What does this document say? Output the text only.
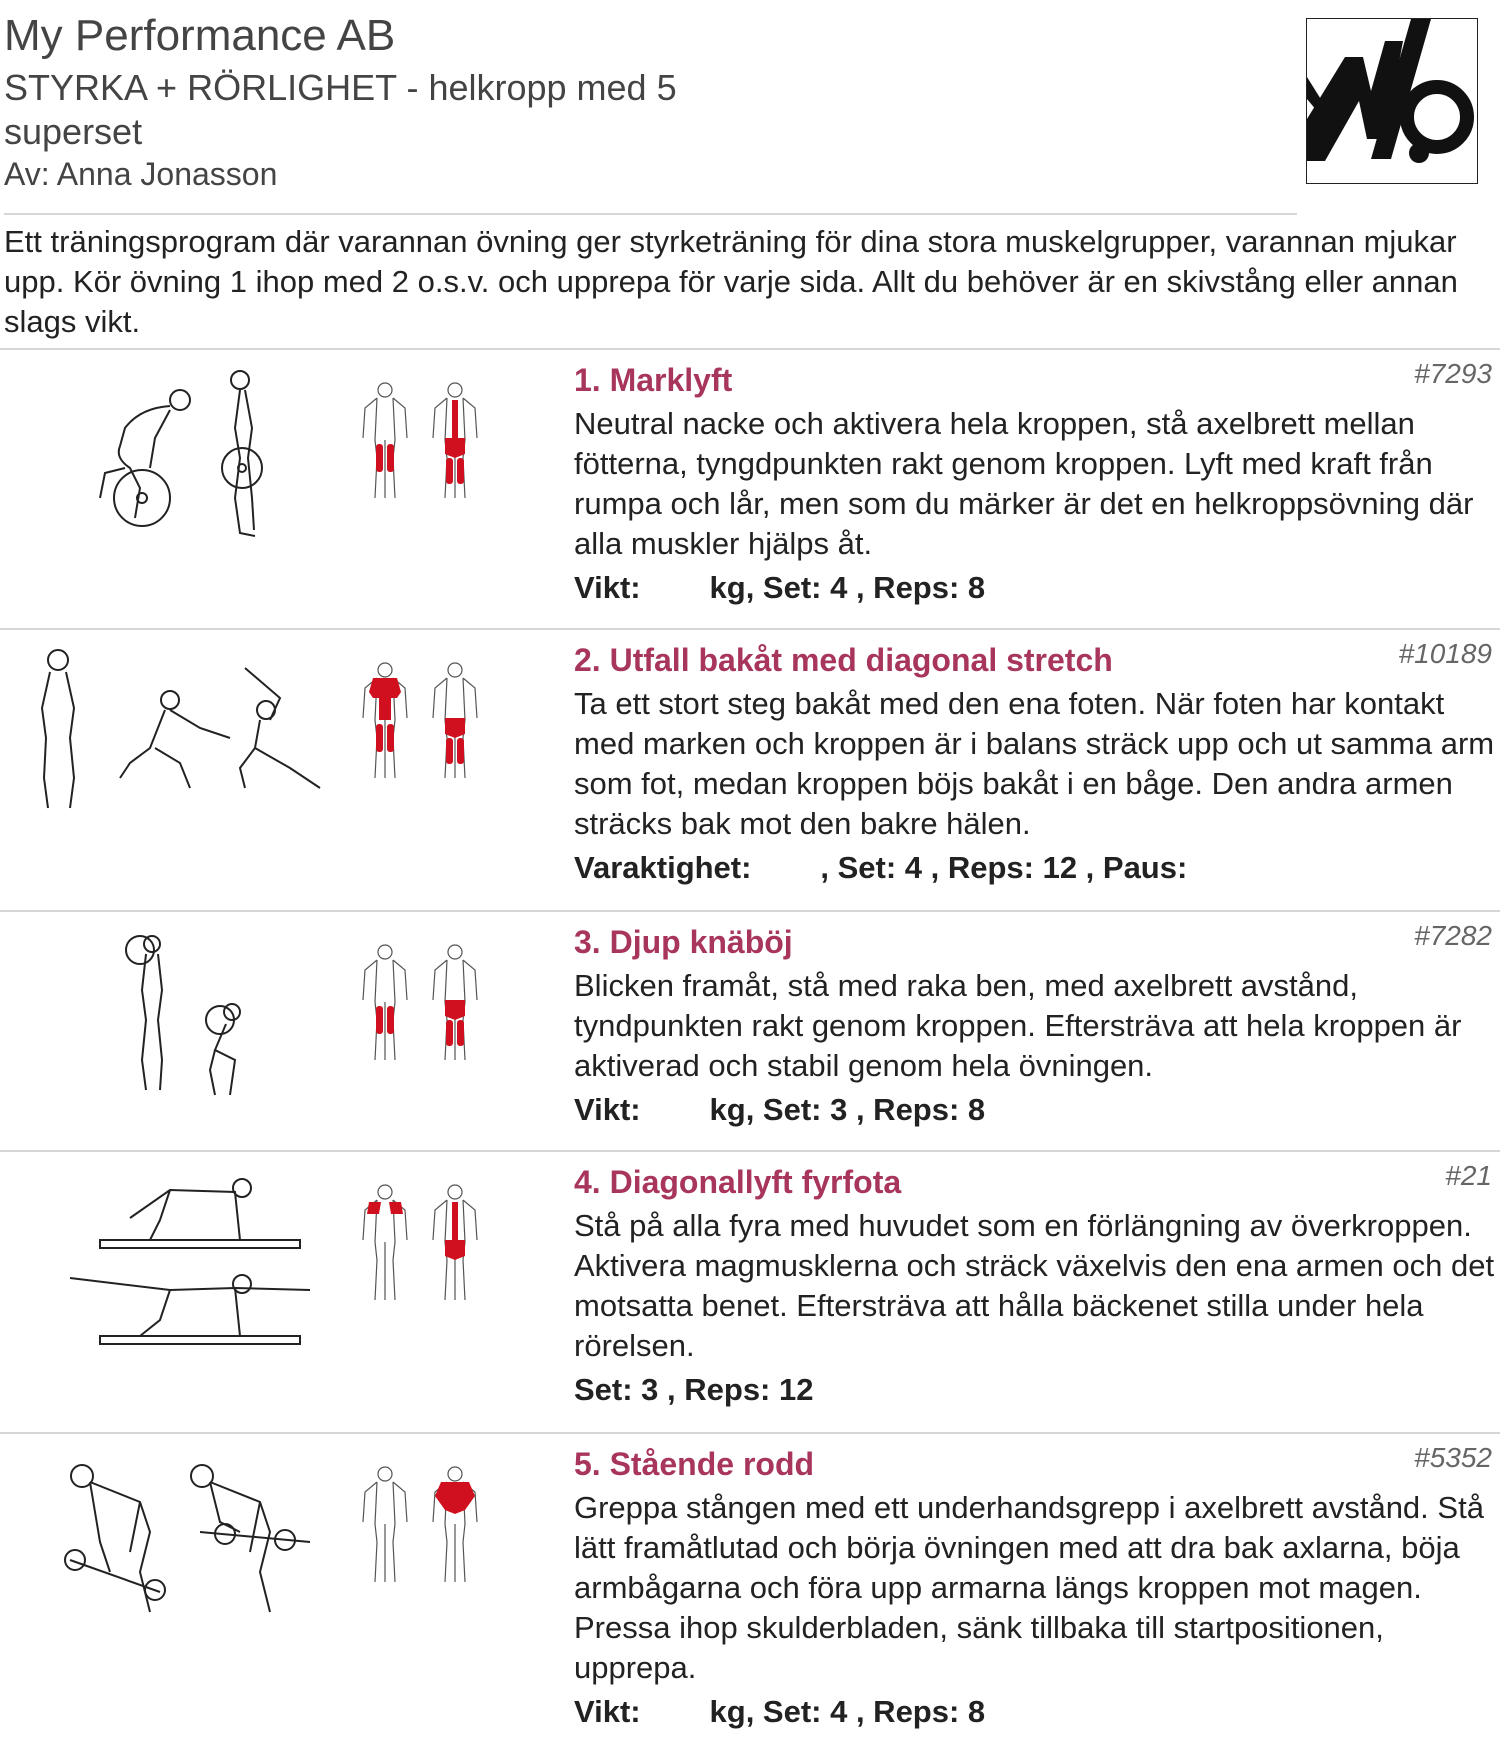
My Performance AB
STYRKA + RÖRLIGHET - helkropp med 5 superset
Av: Anna Jonasson
Ett träningsprogram där varannan övning ger styrketräning för dina stora muskelgrupper, varannan mjukar upp. Kör övning 1 ihop med 2 o.s.v. och upprepa för varje sida. Allt du behöver är en skivstång eller annan slags vikt.
1. Marklyft
Neutral nacke och aktivera hela kroppen, stå axelbrett mellan fötterna, tyngdpunkten rakt genom kroppen. Lyft med kraft från rumpa och lår, men som du märker är det en helkroppsövning där alla muskler hjälps åt.
Vikt:        kg, Set: 4 , Reps: 8
#7293
2. Utfall bakåt med diagonal stretch
Ta ett stort steg bakåt med den ena foten. När foten har kontakt med marken och kroppen är i balans sträck upp och ut samma arm som fot, medan kroppen böjs bakåt i en båge. Den andra armen sträcks bak mot den bakre hälen.
Varaktighet:        , Set: 4 , Reps: 12 , Paus:
#10189
3. Djup knäböj
Blicken framåt, stå med raka ben, med axelbrett avstånd, tyndpunkten rakt genom kroppen. Eftersträva att hela kroppen är aktiverad och stabil genom hela övningen.
Vikt:        kg, Set: 3 , Reps: 8
#7282
4. Diagonallyft fyrfota
Stå på alla fyra med huvudet som en förlängning av överkroppen. Aktivera magmusklerna och sträck växelvis den ena armen och det motsatta benet. Eftersträva att hålla bäckenet stilla under hela rörelsen.
Set: 3 , Reps: 12
#21
5. Stående rodd
Greppa stången med ett underhandsgrepp i axelbrett avstånd. Stå lätt framåtlutad och börja övningen med att dra bak axlarna, böja armbågarna och föra upp armarna längs kroppen mot magen. Pressa ihop skulderbladen, sänk tillbaka till startpositionen, upprepa.
Vikt:        kg, Set: 4 , Reps: 8
#5352
